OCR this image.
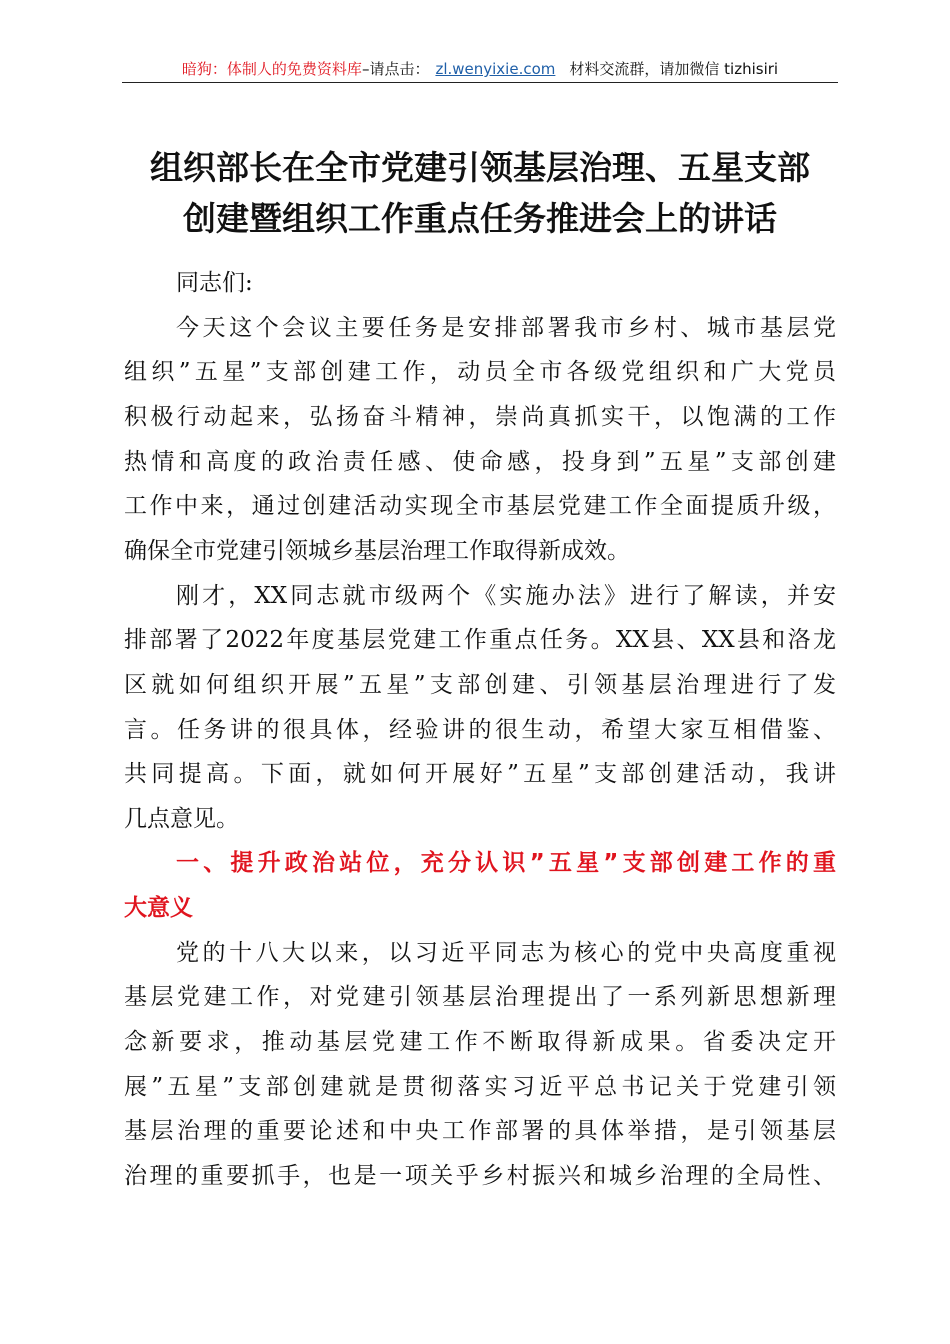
暗狗：体制人的免费资料库–请点击： zl.wenyixie.com 材料交流群，请加微信 tizhisiri
组织部长在全市党建引领基层治理、五星支部
创建暨组织工作重点任务推进会上的讲话
同志们:
今天这个会议主要任务是安排部署我市乡村、城市基层党
组织”五星”支部创建工作，动员全市各级党组织和广大党员
积极行动起来，弘扬奋斗精神，崇尚真抓实干，以饱满的工作
热情和高度的政治责任感、使命感，投身到”五星”支部创建
工作中来，通过创建活动实现全市基层党建工作全面提质升级，
确保全市党建引领城乡基层治理工作取得新成效。
刚才，XX同志就市级两个《实施办法》进行了解读，并安
排部署了2022年度基层党建工作重点任务。XX县、XX县和洛龙
区就如何组织开展”五星”支部创建、引领基层治理进行了发
言。任务讲的很具体，经验讲的很生动，希望大家互相借鉴、
共同提高。下面，就如何开展好”五星”支部创建活动，我讲
几点意见。
一、提升政治站位，充分认识”五星”支部创建工作的重
大意义
党的十八大以来，以习近平同志为核心的党中央高度重视
基层党建工作，对党建引领基层治理提出了一系列新思想新理
念新要求，推动基层党建工作不断取得新成果。省委决定开
展”五星”支部创建就是贯彻落实习近平总书记关于党建引领
基层治理的重要论述和中央工作部署的具体举措，是引领基层
治理的重要抓手，也是一项关乎乡村振兴和城乡治理的全局性、
